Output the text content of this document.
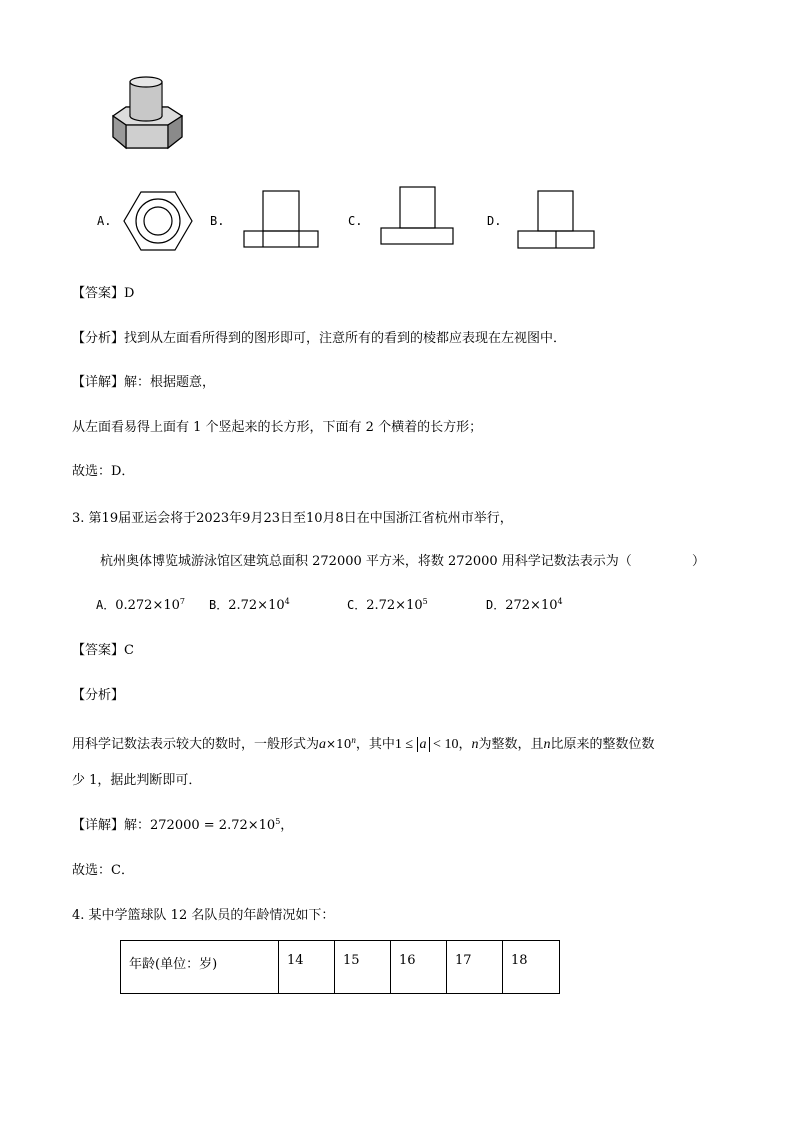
A.	B.	C.	D.
【答案】D
【分析】找到从左面看所得到的图形即可，注意所有的看到的棱都应表现在左视图中．
【详解】解：根据题意，
从左面看易得上面有 1 个竖起来的长方形，下面有 2 个横着的长方形；
故选：D．
3. 第19届亚运会将于2023年9月23日至10月8日在中国浙江省杭州市举行，
杭州奥体博览城游泳馆区建筑总面积 272000 平方米，将数 272000 用科学记数法表示为（	）
A．$0.272\times 10^7$ B．$2.72\times 10^4$	C．$2.72\times 10^5$	D．$272\times 10^4$
【答案】C
【分析】
用科学记数法表示较大的数时，一般形式为$a\times 10^n$，其中1 ≤ a < 10，n为整数，且n比原来的整数位数
少 1，据此判断即可．
【详解】解：$272000 = 2.72\times 10^5$，
故选：C．
4. 某中学篮球队 12 名队员的年龄情况如下：
年龄(单位：岁)	14	15	16	17	18
